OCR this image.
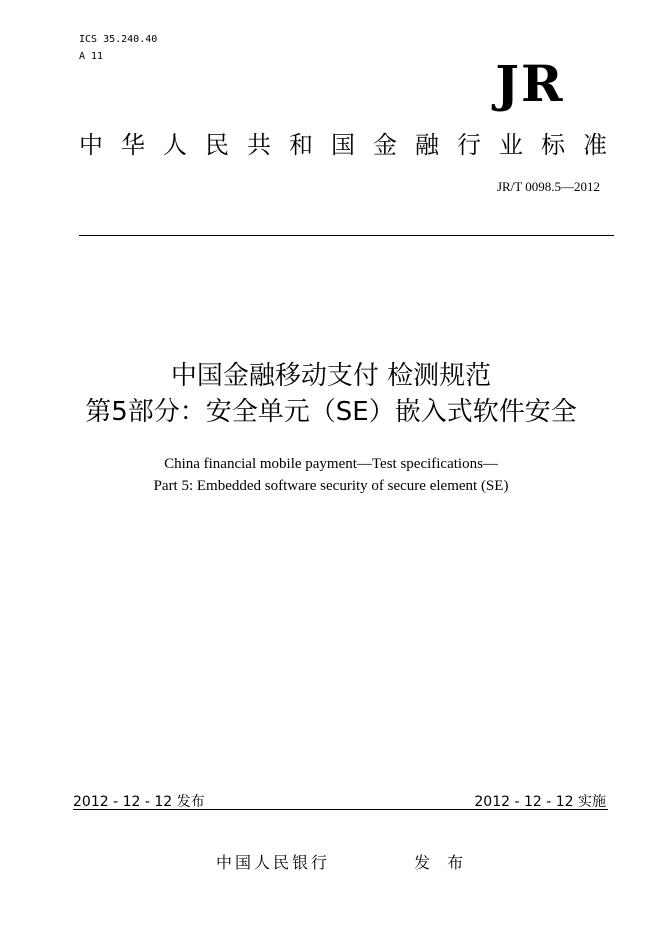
ICS 35.240.40
A 11	JR
中华人民共和国金融行业标准
JR/T 0098.5—2012
中国金融移动支付 检测规范
第5部分：安全单元（SE）嵌入式软件安全
China financial mobile payment—Test specifications—
Part 5: Embedded software security of secure element (SE)
2012 - 12 - 12 发布	2012 - 12 - 12 实施
中国人民银行	发 布
